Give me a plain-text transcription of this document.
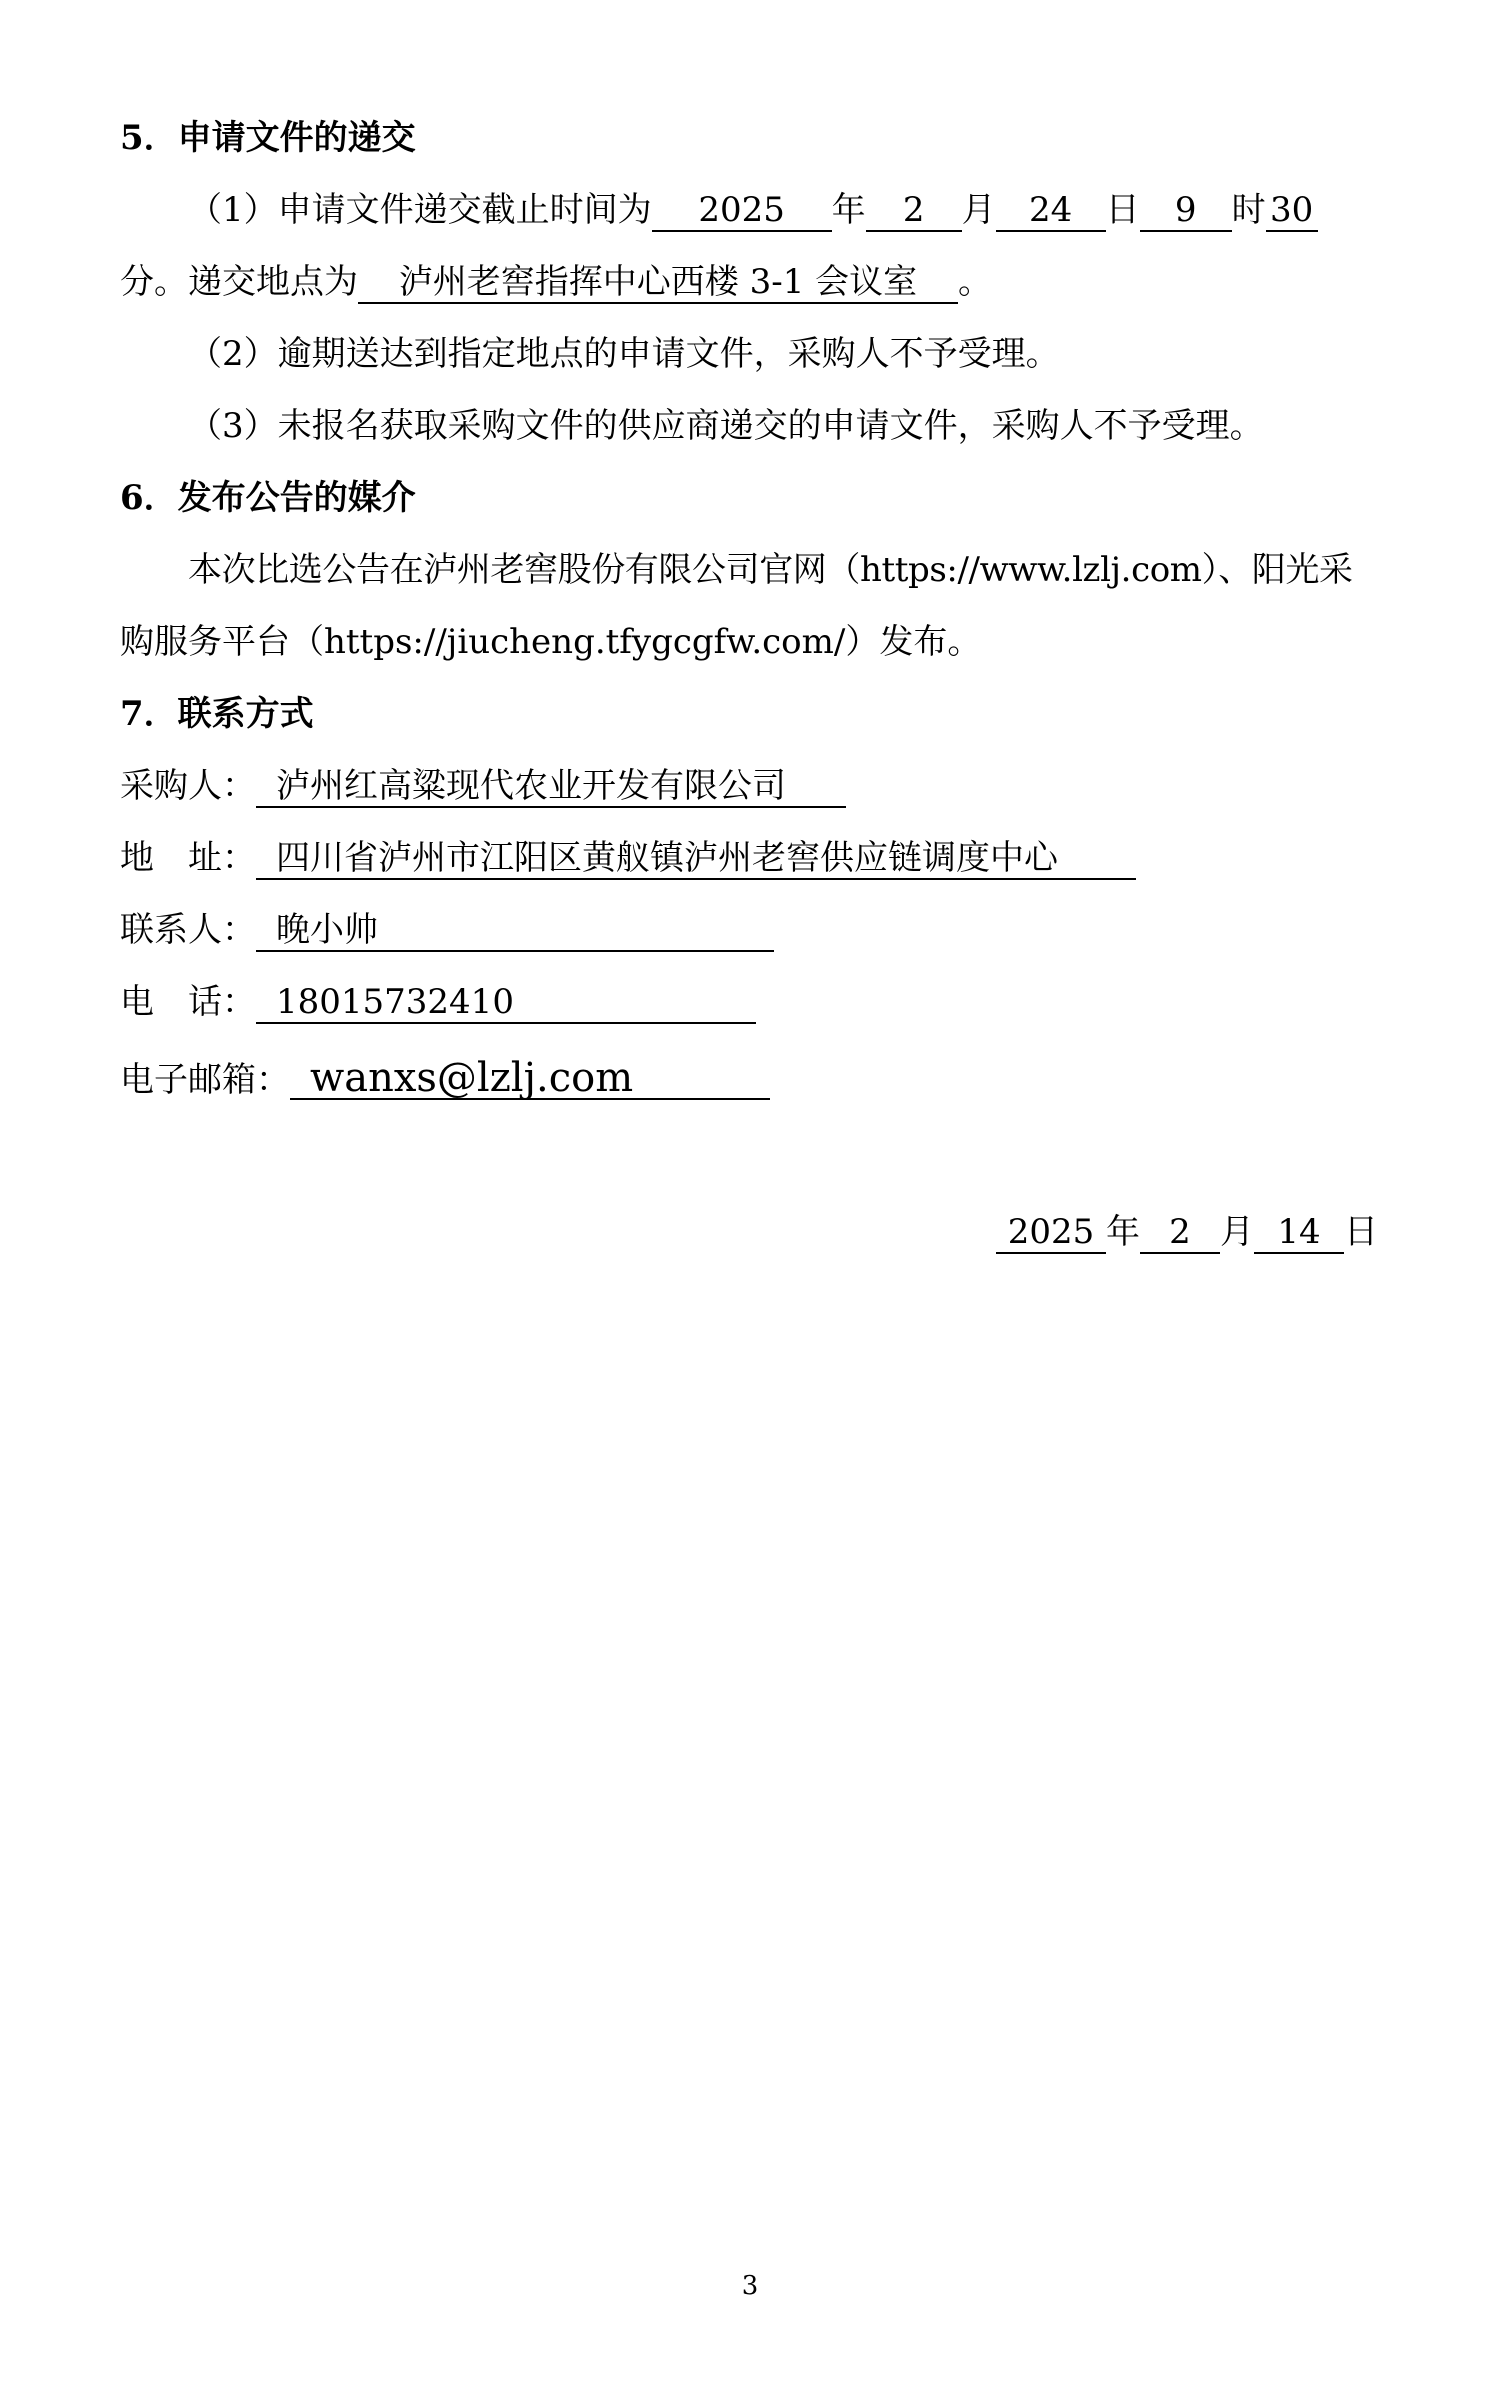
5．申请文件的递交
（1）申请文件递交截止时间为 2025 年 2 月 24 日 9 时 30
分。递交地点为 泸州老窖指挥中心西楼 3-1 会议室 。
（2）逾期送达到指定地点的申请文件，采购人不予受理。
（3）未报名获取采购文件的供应商递交的申请文件，采购人不予受理。
6．发布公告的媒介
本次比选公告在泸州老窖股份有限公司官网（https://www.lzlj.com）、阳光采
购服务平台（https://jiucheng.tfygcgfw.com/）发布。
7．联系方式
采购人： 泸州红高粱现代农业开发有限公司
地　址： 四川省泸州市江阳区黄舣镇泸州老窖供应链调度中心
联系人： 晚小帅
电　话： 18015732410
电子邮箱： wanxs@lzlj.com
2025 年 2 月 14 日
3
